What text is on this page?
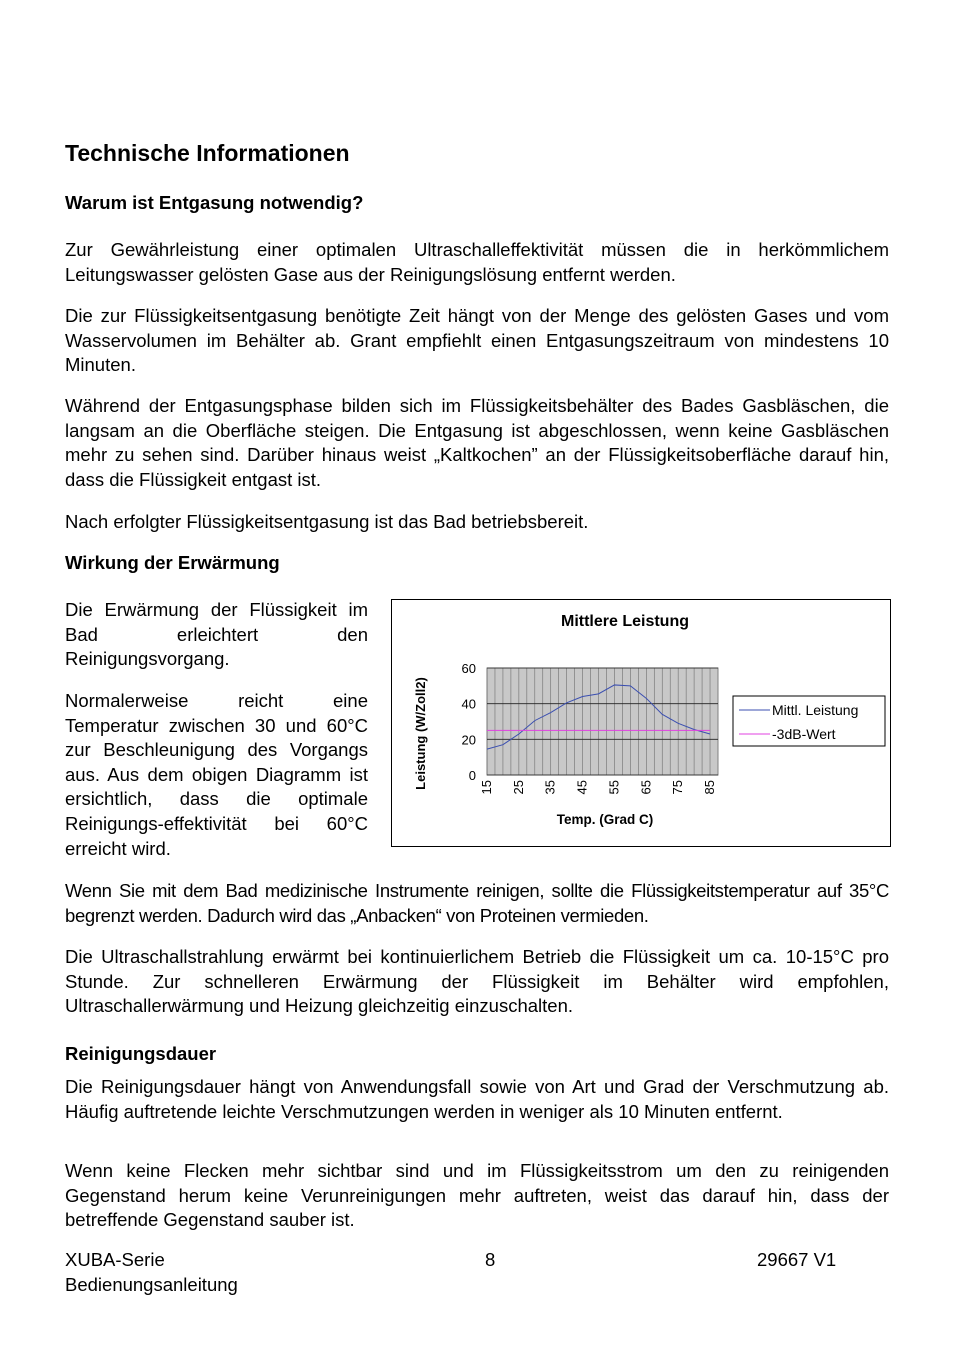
Technische Informationen
Warum ist Entgasung notwendig?

Zur Gewährleistung einer optimalen Ultraschalleffektivität müssen die in herkömmlichem Leitungswasser gelösten Gase aus der Reinigungslösung entfernt werden.

Die zur Flüssigkeitsentgasung benötigte Zeit hängt von der Menge des gelösten Gases und vom Wasservolumen im Behälter ab. Grant empfiehlt einen Entgasungszeitraum von mindestens 10 Minuten.

Während der Entgasungsphase bilden sich im Flüssigkeitsbehälter des Bades Gasbläschen, die langsam an die Oberfläche steigen. Die Entgasung ist abgeschlossen, wenn keine Gasbläschen mehr zu sehen sind. Darüber hinaus weist „Kaltkochen” an der Flüssigkeitsoberfläche darauf hin, dass die Flüssigkeit entgast ist.

Nach erfolgter Flüssigkeitsentgasung ist das Bad betriebsbereit.

Wirkung der Erwärmung

Die Erwärmung der Flüssigkeit im Bad erleichtert den Reinigungsvorgang.

Normalerweise reicht eine Temperatur zwischen 30 und 60°C zur Beschleunigung des Vorgangs aus. Aus dem obigen Diagramm ist ersichtlich, dass die optimale Reinigungs-effektivität bei 60°C erreicht wird.

Mittlere Leistung
0
20
40
60
15 25 35 45 55 65 75 85
Leistung (W/Zoll2)
Temp. (Grad C)
Mittl. Leistung
-3dB-Wert

Wenn Sie mit dem Bad medizinische Instrumente reinigen, sollte die Flüssigkeitstemperatur auf 35°C begrenzt werden. Dadurch wird das „Anbacken“ von Proteinen vermieden.

Die Ultraschallstrahlung erwärmt bei kontinuierlichem Betrieb die Flüssigkeit um ca. 10-15°C pro Stunde. Zur schnelleren Erwärmung der Flüssigkeit im Behälter wird empfohlen, Ultraschallerwärmung und Heizung gleichzeitig einzuschalten.

Reinigungsdauer

Die Reinigungsdauer hängt von Anwendungsfall sowie von Art und Grad der Verschmutzung ab. Häufig auftretende leichte Verschmutzungen werden in weniger als 10 Minuten entfernt.

Wenn keine Flecken mehr sichtbar sind und im Flüssigkeitsstrom um den zu reinigenden Gegenstand herum keine Verunreinigungen mehr auftreten, weist das darauf hin, dass der betreffende Gegenstand sauber ist.

XUBA-Serie
Bedienungsanleitung

8	29667 V1
